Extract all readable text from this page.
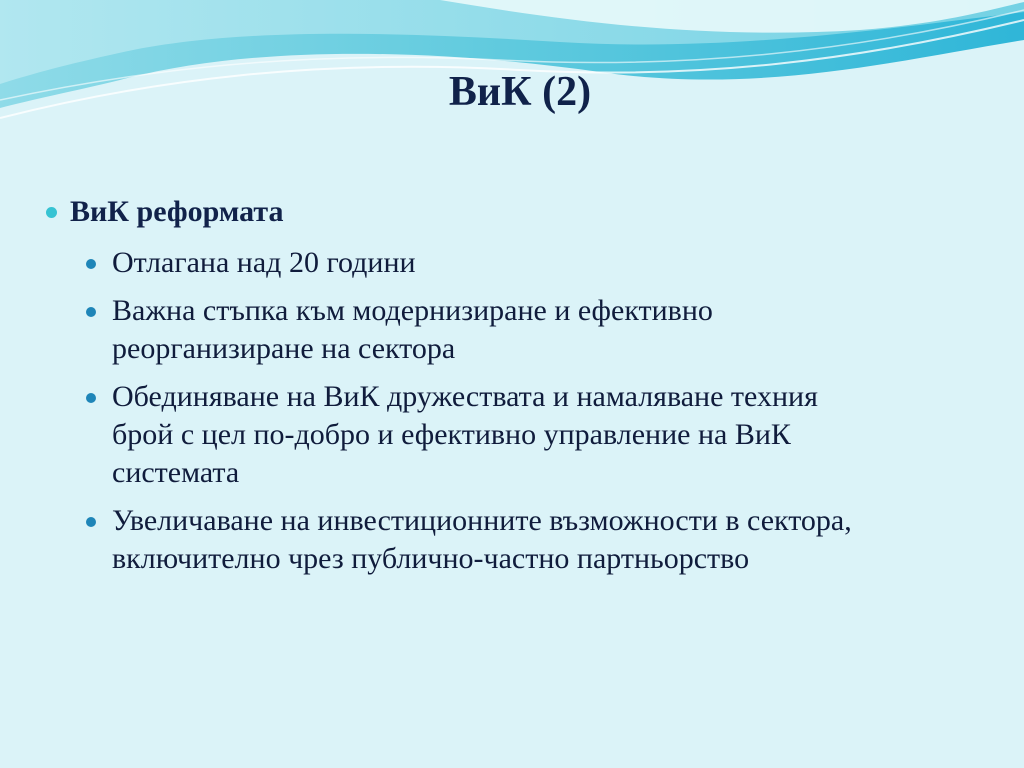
ВиК (2)
ВиК реформата
Отлагана над 20 години
Важна стъпка към модернизиране и ефективно
реорганизиране на сектора
Обединяване на ВиК дружествата и намаляване техния
брой с цел по-добро и ефективно управление на ВиК
системата
Увеличаване на инвестиционните възможности в сектора,
включително чрез публично-частно партньорство
